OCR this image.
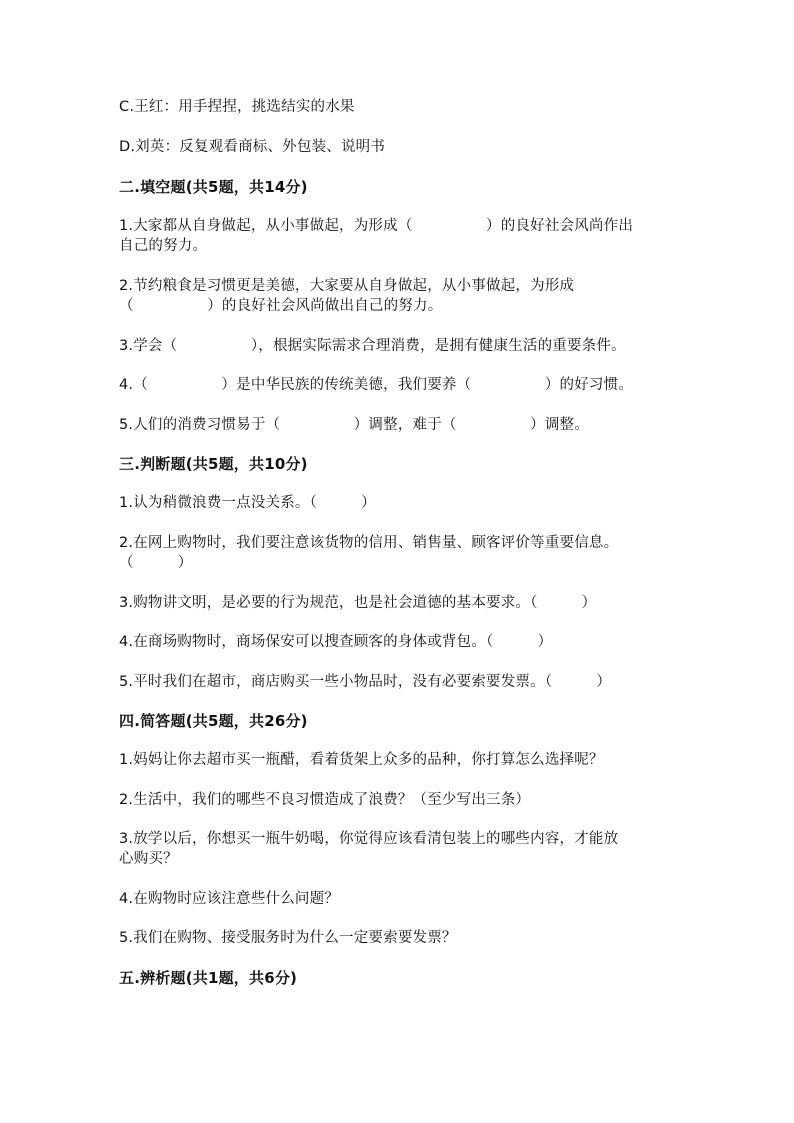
C.王红：用手捏捏，挑选结实的水果
D.刘英：反复观看商标、外包装、说明书
二.填空题(共5题，共14分)
1.大家都从自身做起，从小事做起，为形成（　　　　　）的良好社会风尚作出
自己的努力。
2.节约粮食是习惯更是美德，大家要从自身做起，从小事做起，为形成
（　　　　　）的良好社会风尚做出自己的努力。
3.学会（　　　　　），根据实际需求合理消费，是拥有健康生活的重要条件。
4.（　　　　　）是中华民族的传统美德，我们要养（　　　　　）的好习惯。
5.人们的消费习惯易于（　　　　　）调整，难于（　　　　　）调整。
三.判断题(共5题，共10分)
1.认为稍微浪费一点没关系。（　　　）
2.在网上购物时，我们要注意该货物的信用、销售量、顾客评价等重要信息。
（　　　）
3.购物讲文明，是必要的行为规范，也是社会道德的基本要求。（　　　）
4.在商场购物时，商场保安可以搜查顾客的身体或背包。（　　　）
5.平时我们在超市，商店购买一些小物品时，没有必要索要发票。（　　　）
四.简答题(共5题，共26分)
1.妈妈让你去超市买一瓶醋，看着货架上众多的品种，你打算怎么选择呢？
2.生活中，我们的哪些不良习惯造成了浪费？（至少写出三条）
3.放学以后，你想买一瓶牛奶喝，你觉得应该看清包装上的哪些内容，才能放
心购买？
4.在购物时应该注意些什么问题？
5.我们在购物、接受服务时为什么一定要索要发票？
五.辨析题(共1题，共6分)
